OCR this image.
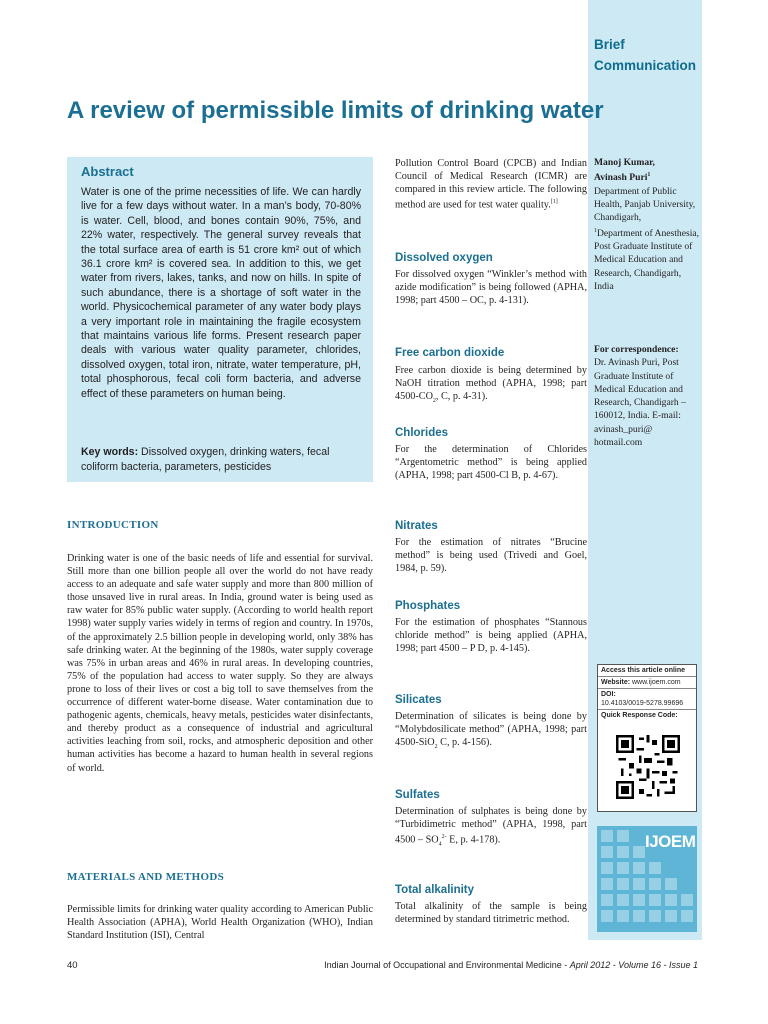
Brief
Communication
A review of permissible limits of drinking water
Abstract

Water is one of the prime necessities of life. We can hardly live for a few days without water. In a man’s body, 70-80% is water. Cell, blood, and bones contain 90%, 75%, and 22% water, respectively. The general survey reveals that the total surface area of earth is 51 crore km² out of which 36.1 crore km² is covered sea. In addition to this, we get water from rivers, lakes, tanks, and now on hills. In spite of such abundance, there is a shortage of soft water in the world. Physicochemical parameter of any water body plays a very important role in maintaining the fragile ecosystem that maintains various life forms. Present research paper deals with various water quality parameter, chlorides, dissolved oxygen, total iron, nitrate, water temperature, pH, total phosphorous, fecal coli form bacteria, and adverse effect of these parameters on human being.

Key words: Dissolved oxygen, drinking waters, fecal coliform bacteria, parameters, pesticides

INTRODUCTION

Drinking water is one of the basic needs of life and essential for survival. Still more than one billion people all over the world do not have ready access to an adequate and safe water supply and more than 800 million of those unsaved live in rural areas. In India, ground water is being used as raw water for 85% public water supply. (According to world health report 1998) water supply varies widely in terms of region and country. In 1970s, of the approximately 2.5 billion people in developing world, only 38% has safe drinking water. At the beginning of the 1980s, water supply coverage was 75% in urban areas and 46% in rural areas. In developing countries, 75% of the population had access to water supply. So they are always prone to loss of their lives or cost a big toll to save themselves from the occurrence of different water-borne disease. Water contamination due to pathogenic agents, chemicals, heavy metals, pesticides water disinfectants, and thereby product as a consequence of industrial and agricultural activities leaching from soil, rocks, and atmospheric deposition and other human activities has become a hazard to human health in several regions of world.

MATERIALS AND METHODS

Permissible limits for drinking water quality according to American Public Health Association (APHA), World Health Organization (WHO), Indian Standard Institution (ISI), Central

Pollution Control Board (CPCB) and Indian Council of Medical Research (ICMR) are compared in this review article. The following method are used for test water quality.[1]

Dissolved oxygen

For dissolved oxygen “Winkler’s method with azide modification” is being followed (APHA, 1998; part 4500 – OC, p. 4-131).

Free carbon dioxide

Free carbon dioxide is being determined by NaOH titration method (APHA, 1998; part $4500-CO_2$, C, p. 4-31).

Chlorides

For the determination of Chlorides “Argentometric method” is being applied (APHA, 1998; part 4500-Cl B, p. 4-67).

Nitrates

For the estimation of nitrates “Brucine method” is being used (Trivedi and Goel, 1984, p. 59).

Phosphates

For the estimation of phosphates “Stannous chloride method” is being applied (APHA, 1998; part 4500 – P D, p. 4-145).

Silicates

Determination of silicates is being done by “Molybdosilicate method” (APHA, 1998; part 4500-SiO$_2$ C, p. 4-156).

Sulfates

Determination of sulphates is being done by “Turbidimetric method” (APHA, 1998, part $4500 - SO_4^{2-}$ E, p. 4-178).

Total alkalinity

Total alkalinity of the sample is being determined by standard titrimetric method.

Manoj Kumar,
Avinash Puri$^1$
Department of Public Health, Panjab University, Chandigarh,
$^1$Department of Anesthesia, Post Graduate Institute of Medical Education and Research, Chandigarh, India
For correspondence:
Dr. Avinash Puri, Post Graduate Institute of Medical Education and Research, Chandigarh – 160012, India. E-mail: avinash_puri@ hotmail.com
Access this article online
Website: www.ijoem.com
DOI:
10.4103/0019-5278.99696
Quick Response Code:
IJOEM
40	Indian Journal of Occupational and Environmental Medicine - April 2012 - Volume 16 - Issue 1
